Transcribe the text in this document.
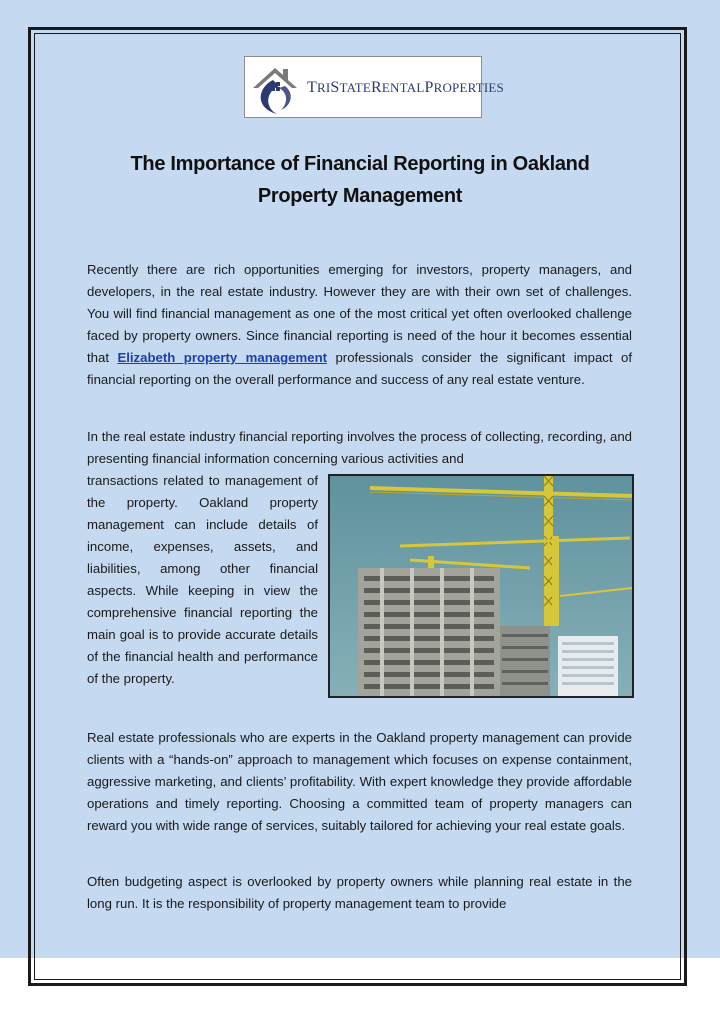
TRISTATERENTALPROPERTIES
The Importance of Financial Reporting in Oakland
Property Management

Recently there are rich opportunities emerging for investors, property managers, and developers, in the real estate industry. However they are with their own set of challenges. You will find financial management as one of the most critical yet often overlooked challenge faced by property owners. Since financial reporting is need of the hour it becomes essential that Elizabeth property management professionals consider the significant impact of financial reporting on the overall performance and success of any real estate venture.

In the real estate industry financial reporting involves the process of collecting, recording, and presenting financial information concerning various activities and

transactions related to management of the property. Oakland property management can include details of income, expenses, assets, and liabilities, among other financial aspects. While keeping in view the comprehensive financial reporting the main goal is to provide accurate details of the financial health and performance of the property.

Real estate professionals who are experts in the Oakland property management can provide clients with a “hands-on” approach to management which focuses on expense containment, aggressive marketing, and clients’ profitability. With expert knowledge they provide affordable operations and timely reporting. Choosing a committed team of property managers can reward you with wide range of services, suitably tailored for achieving your real estate goals.

Often budgeting aspect is overlooked by property owners while planning real estate in the long run. It is the responsibility of property management team to provide
